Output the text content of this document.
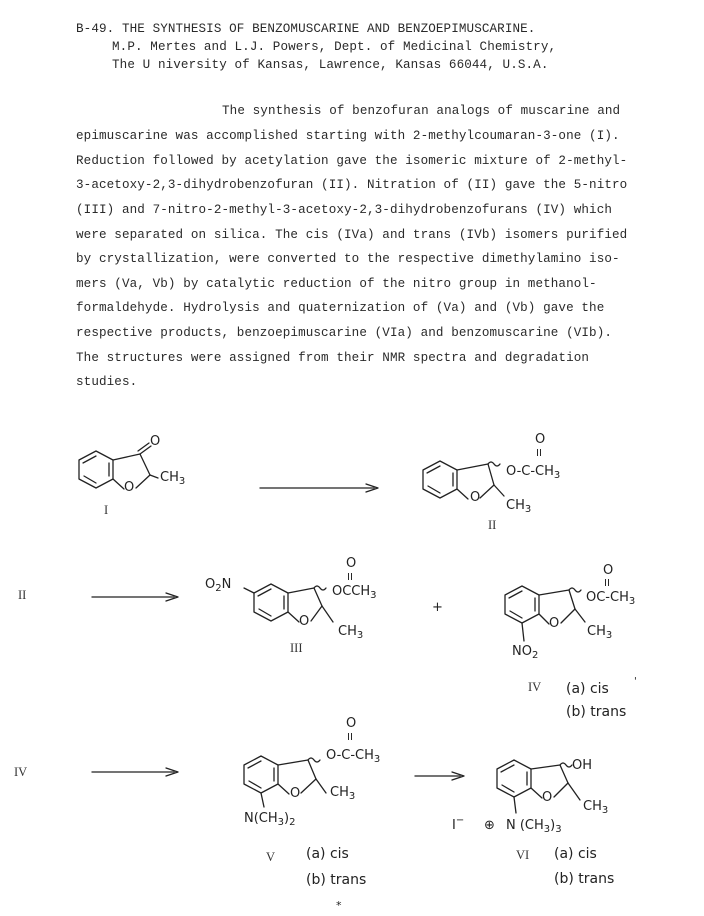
B-49. THE SYNTHESIS OF BENZOMUSCARINE AND BENZOEPIMUSCARINE.
M.P. Mertes and L.J. Powers, Dept. of Medicinal Chemistry,
The U niversity of Kansas, Lawrence, Kansas 66044, U.S.A.
The synthesis of benzofuran analogs of muscarine and
epimuscarine was accomplished starting with 2-methylcoumaran-3-one (I).
Reduction followed by acetylation gave the isomeric mixture of 2-methyl-
3-acetoxy-2,3-dihydrobenzofuran (II). Nitration of (II) gave the 5-nitro
(III) and 7-nitro-2-methyl-3-acetoxy-2,3-dihydrobenzofurans (IV) which
were separated on silica. The cis (IVa) and trans (IVb) isomers purified
by crystallization, were converted to the respective dimethylamino iso-
mers (Va, Vb) by catalytic reduction of the nitro group in methanol-
formaldehyde. Hydrolysis and quaternization of (Va) and (Vb) gave the
respective products, benzoepimuscarine (VIa) and benzomuscarine (VIb).
The structures were assigned from their NMR spectra and degradation
studies.
O
O
$CH_3$
I
O
II
$O-C-CH_3$
O
$CH_3$
II
II
$O_2N$
O
II
$OCCH_3$
O
$CH_3$
III
+
O
II
$OC-CH_3$
O
$CH_3$
$NO_2$
IV (a) cis	'
(b) trans
IV
O
II
$O-C-CH_3$
O $CH_3$
$N(CH_3)_2$
V (a) cis
(b) trans
OH
O
$CH_3$
I− ⊕ N $(CH_3)_3$
VI (a) cis
(b) trans
*
